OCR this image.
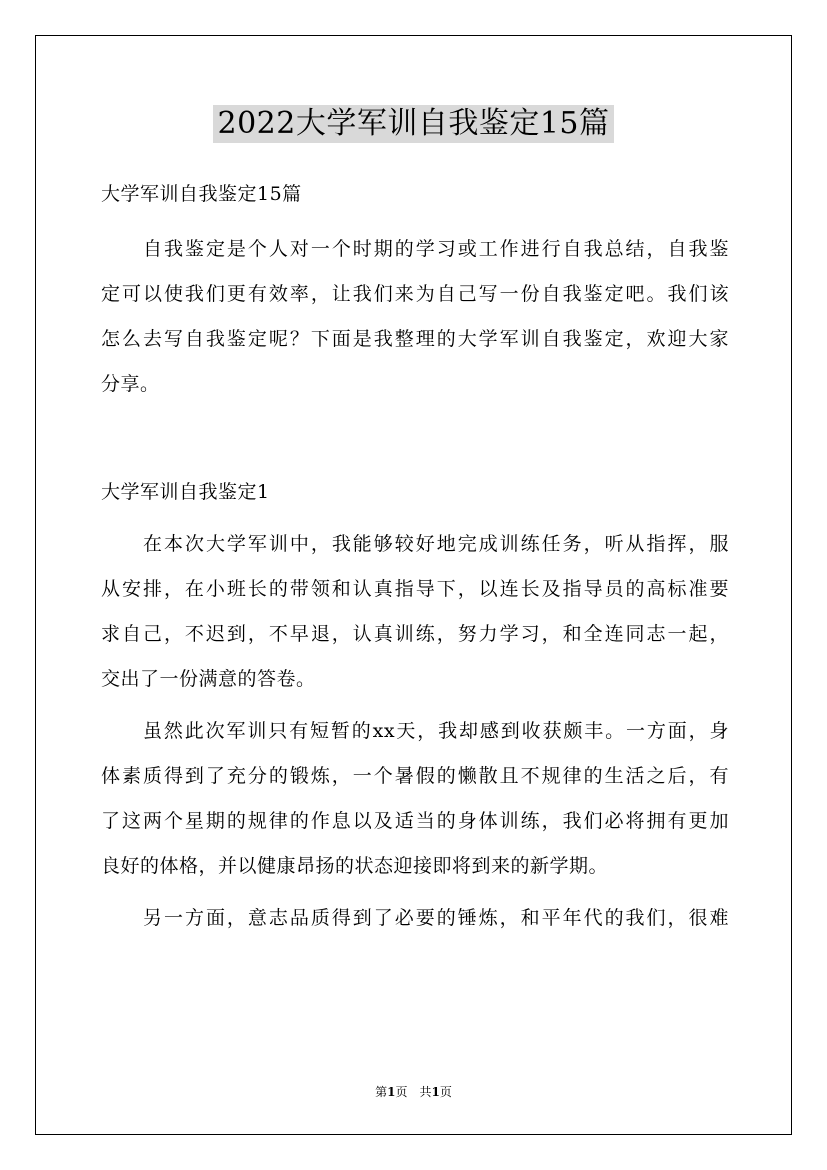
2022大学军训自我鉴定15篇
大学军训自我鉴定15篇
自我鉴定是个人对一个时期的学习或工作进行自我总结，自我鉴
定可以使我们更有效率，让我们来为自己写一份自我鉴定吧。我们该
怎么去写自我鉴定呢？下面是我整理的大学军训自我鉴定，欢迎大家
分享。
大学军训自我鉴定1
在本次大学军训中，我能够较好地完成训练任务，听从指挥，服
从安排，在小班长的带领和认真指导下，以连长及指导员的高标准要
求自己，不迟到，不早退，认真训练，努力学习，和全连同志一起，
交出了一份满意的答卷。
虽然此次军训只有短暂的xx天，我却感到收获颇丰。一方面，身
体素质得到了充分的锻炼，一个暑假的懒散且不规律的生活之后，有
了这两个星期的规律的作息以及适当的身体训练，我们必将拥有更加
良好的体格，并以健康昂扬的状态迎接即将到来的新学期。
另一方面，意志品质得到了必要的锤炼，和平年代的我们，很难
第1页　共1页
